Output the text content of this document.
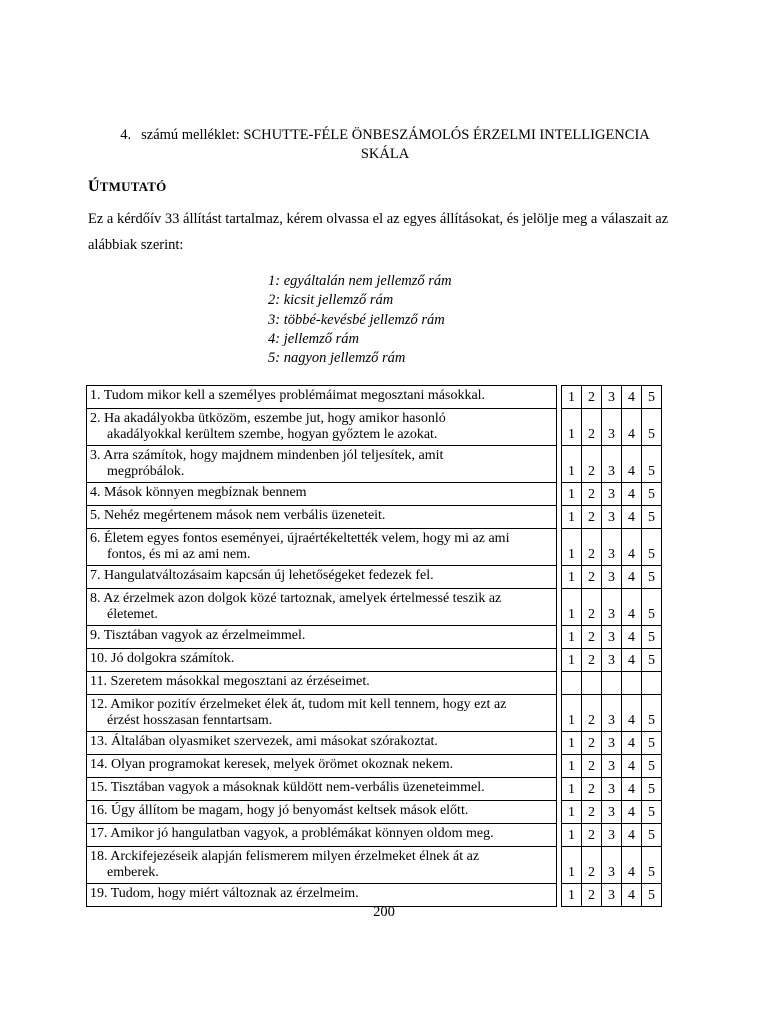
4. számú melléklet: SCHUTTE-FÉLE ÖNBESZÁMOLÓS ÉRZELMI INTELLIGENCIA
SKÁLA
ÚTMUTATÓ
Ez a kérdőív 33 állítást tartalmaz, kérem olvassa el az egyes állításokat, és jelölje meg a válaszait az alábbiak szerint:
1: egyáltalán nem jellemző rám
2: kicsit jellemző rám
3: többé-kevésbé jellemző rám
4: jellemző rám
5: nagyon jellemző rám
1. Tudom mikor kell a személyes problémáimat megosztani másokkal.		1	2	3	4	5

2. Ha akadályokba ütközöm, eszembe jut, hogy amikor hasonló
akadályokkal kerültem szembe, hogyan győztem le azokat.		1	2	3	4	5

3. Arra számítok, hogy majdnem mindenben jól teljesítek, amit
megpróbálok.		1	2	3	4	5

4. Mások könnyen megbíznak bennem		1	2	3	4	5

5. Nehéz megértenem mások nem verbális üzeneteit.		1	2	3	4	5

6. Életem egyes fontos eseményei, újraértékeltették velem, hogy mi az ami
fontos, és mi az ami nem.		1	2	3	4	5

7. Hangulatváltozásaim kapcsán új lehetőségeket fedezek fel.		1	2	3	4	5

8. Az érzelmek azon dolgok közé tartoznak, amelyek értelmessé teszik az
életemet.		1	2	3	4	5

9. Tisztában vagyok az érzelmeimmel.		1	2	3	4	5

10. Jó dolgokra számítok.		1	2	3	4	5

11. Szeretem másokkal megosztani az érzéseimet.						

12. Amikor pozitív érzelmeket élek át, tudom mit kell tennem, hogy ezt az
érzést hosszasan fenntartsam.		1	2	3	4	5

13. Általában olyasmiket szervezek, ami másokat szórakoztat.		1	2	3	4	5

14. Olyan programokat keresek, melyek örömet okoznak nekem.		1	2	3	4	5

15. Tisztában vagyok a másoknak küldött nem-verbális üzeneteimmel.		1	2	3	4	5

16. Úgy állítom be magam, hogy jó benyomást keltsek mások előtt.		1	2	3	4	5

17. Amikor jó hangulatban vagyok, a problémákat könnyen oldom meg.		1	2	3	4	5

18. Arckifejezéseik alapján felismerem milyen érzelmeket élnek át az
emberek.		1	2	3	4	5

19. Tudom, hogy miért változnak az érzelmeim.		1	2	3	4	5
200
